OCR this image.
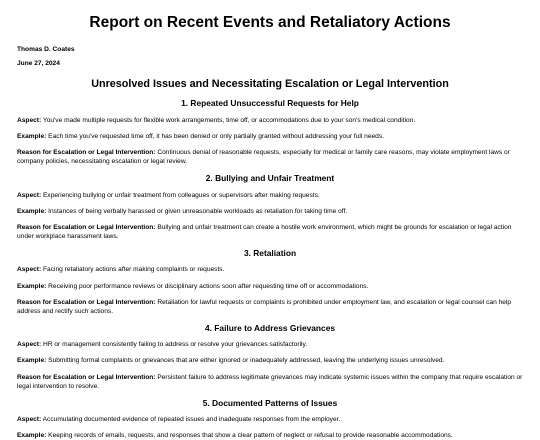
Report on Recent Events and Retaliatory Actions
Thomas D. Coates
June 27, 2024
Unresolved Issues and Necessitating Escalation or Legal Intervention
1. Repeated Unsuccessful Requests for Help
Aspect: You've made multiple requests for flexible work arrangements, time off, or accommodations due to your son's medical condition.
Example: Each time you've requested time off, it has been denied or only partially granted without addressing your full needs.
Reason for Escalation or Legal Intervention: Continuous denial of reasonable requests, especially for medical or family care reasons, may violate employment laws or company policies, necessitating escalation or legal review.
2. Bullying and Unfair Treatment
Aspect: Experiencing bullying or unfair treatment from colleagues or supervisors after making requests.
Example: Instances of being verbally harassed or given unreasonable workloads as retaliation for taking time off.
Reason for Escalation or Legal Intervention: Bullying and unfair treatment can create a hostile work environment, which might be grounds for escalation or legal action under workplace harassment laws.
3. Retaliation
Aspect: Facing retaliatory actions after making complaints or requests.
Example: Receiving poor performance reviews or disciplinary actions soon after requesting time off or accommodations.
Reason for Escalation or Legal Intervention: Retaliation for lawful requests or complaints is prohibited under employment law, and escalation or legal counsel can help address and rectify such actions.
4. Failure to Address Grievances
Aspect: HR or management consistently failing to address or resolve your grievances satisfactorily.
Example: Submitting formal complaints or grievances that are either ignored or inadequately addressed, leaving the underlying issues unresolved.
Reason for Escalation or Legal Intervention: Persistent failure to address legitimate grievances may indicate systemic issues within the company that require escalation or legal intervention to resolve.
5. Documented Patterns of Issues
Aspect: Accumulating documented evidence of repeated issues and inadequate responses from the employer.
Example: Keeping records of emails, requests, and responses that show a clear pattern of neglect or refusal to provide reasonable accommodations.
